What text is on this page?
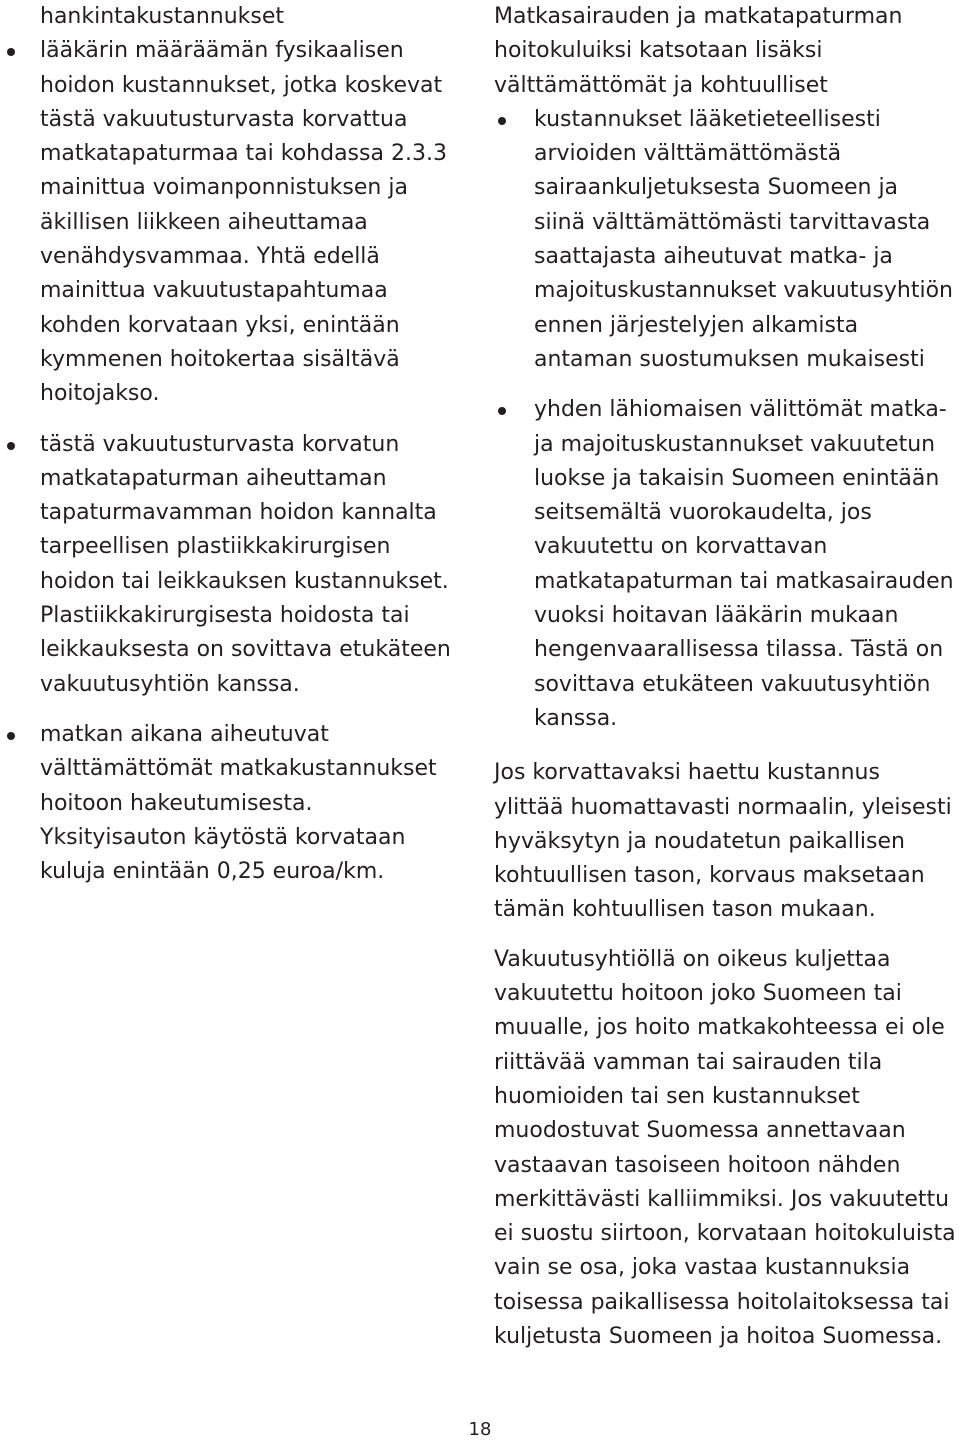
hankintakustannukset

lääkärin määräämän fysikaalisen hoidon kustannukset, jotka koskevat tästä vakuutusturvasta korvattua matkatapaturmaa tai kohdassa 2.3.3 mainittua voimanponnistuksen ja äkillisen liikkeen aiheuttamaa venähdysvammaa. Yhtä edellä mainittua vakuutustapahtumaa kohden korvataan yksi, enintään kymmenen hoitokertaa sisältävä hoitojakso.
tästä vakuutusturvasta korvatun matkatapaturman aiheuttaman tapaturmavamman hoidon kannalta tarpeellisen plastiikkakirurgisen hoidon tai leikkauksen kustannukset. Plastiikkakirurgisesta hoidosta tai leikkauksesta on sovittava etukäteen vakuutusyhtiön kanssa.
matkan aikana aiheutuvat välttämättömät matkakustannukset hoitoon hakeutumisesta. Yksityisauton käytöstä korvataan kuluja enintään 0,25 euroa/km.

Matkasairauden ja matkatapaturman hoitokuluiksi katsotaan lisäksi välttämättömät ja kohtuulliset

kustannukset lääketieteellisesti arvioiden välttämättömästä sairaankuljetuksesta Suomeen ja siinä välttämättömästi tarvittavasta saattajasta aiheutuvat matka- ja majoituskustannukset vakuutusyhtiön ennen järjestelyjen alkamista antaman suostumuksen mukaisesti
yhden lähiomaisen välittömät matka- ja majoituskustannukset vakuutetun luokse ja takaisin Suomeen enintään seitsemältä vuorokaudelta, jos vakuutettu on korvattavan matkatapaturman tai matkasairauden vuoksi hoitavan lääkärin mukaan hengenvaarallisessa tilassa. Tästä on sovittava etukäteen vakuutusyhtiön kanssa.

Jos korvattavaksi haettu kustannus ylittää huomattavasti normaalin, yleisesti hyväksytyn ja noudatetun paikallisen kohtuullisen tason, korvaus maksetaan tämän kohtuullisen tason mukaan.

Vakuutusyhtiöllä on oikeus kuljettaa vakuutettu hoitoon joko Suomeen tai muualle, jos hoito matkakohteessa ei ole riittävää vamman tai sairauden tila huomioiden tai sen kustannukset muodostuvat Suomessa annettavaan vastaavan tasoiseen hoitoon nähden merkittävästi kalliimmiksi. Jos vakuutettu ei suostu siirtoon, korvataan hoitokuluista vain se osa, joka vastaa kustannuksia toisessa paikallisessa hoitolaitoksessa tai kuljetusta Suomeen ja hoitoa Suomessa.

18
